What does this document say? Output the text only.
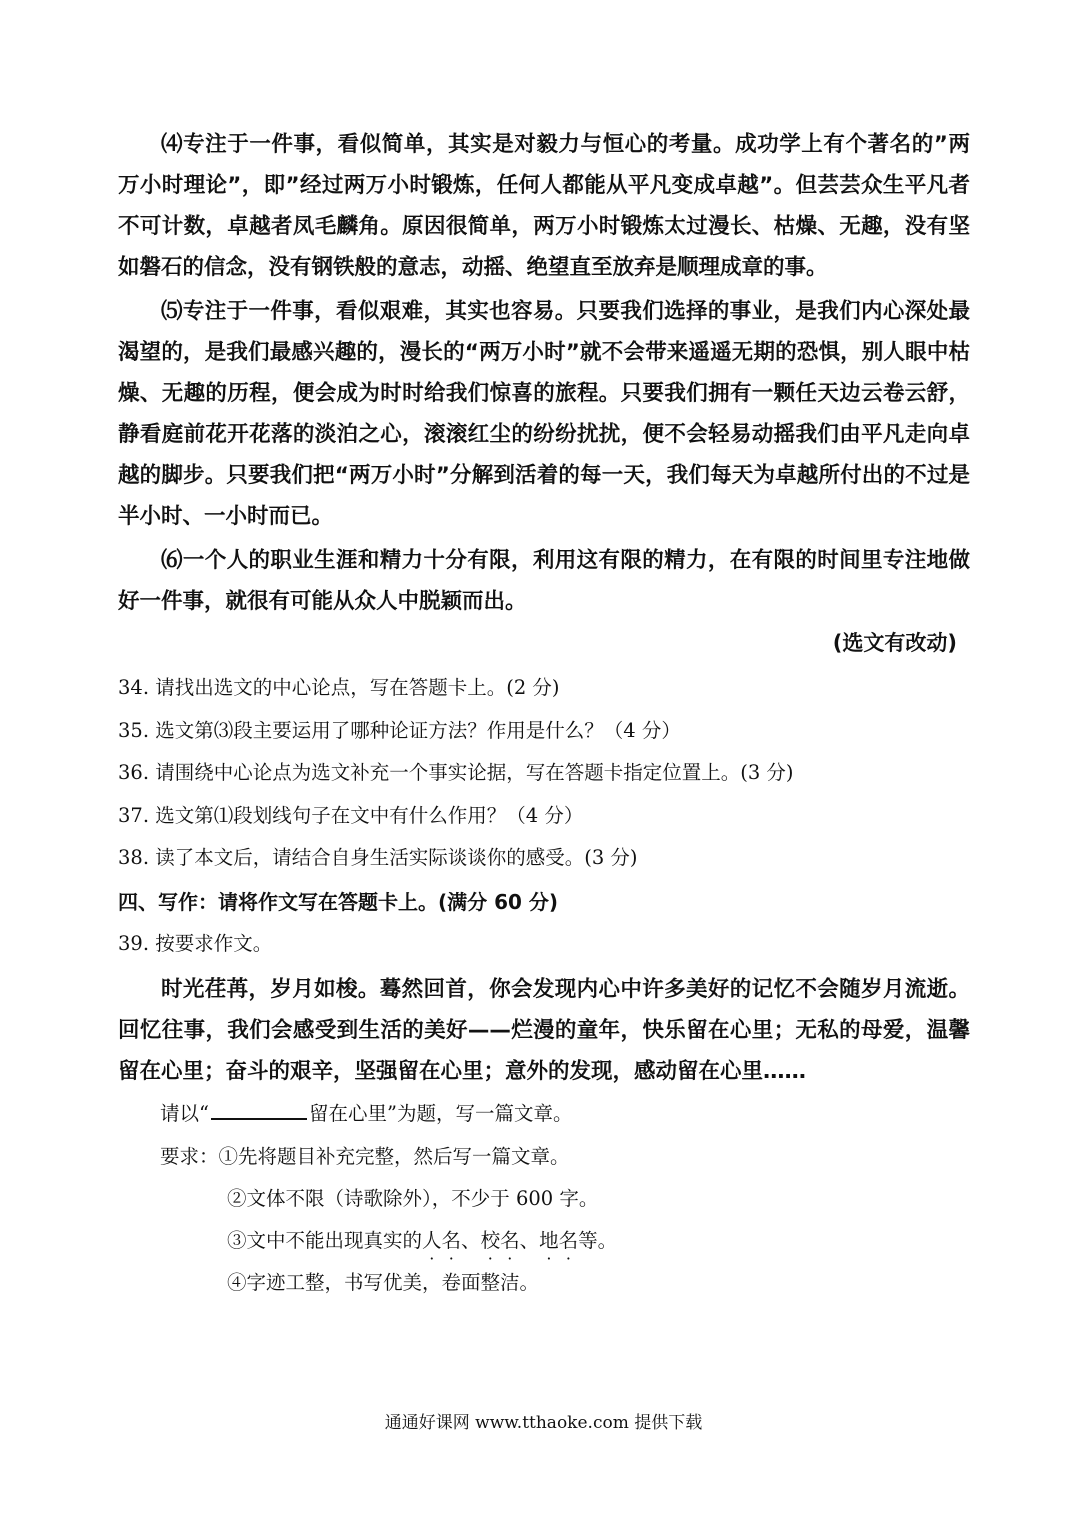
⑷专注于一件事，看似简单，其实是对毅力与恒心的考量。成功学上有个著名的”两万小时理论”，即”经过两万小时锻炼，任何人都能从平凡变成卓越”。但芸芸众生平凡者不可计数，卓越者凤毛麟角。原因很简单，两万小时锻炼太过漫长、枯燥、无趣，没有坚如磐石的信念，没有钢铁般的意志，动摇、绝望直至放弃是顺理成章的事。

⑸专注于一件事，看似艰难，其实也容易。只要我们选择的事业，是我们内心深处最渴望的，是我们最感兴趣的，漫长的“两万小时”就不会带来遥遥无期的恐惧，别人眼中枯燥、无趣的历程，便会成为时时给我们惊喜的旅程。只要我们拥有一颗任天边云卷云舒，静看庭前花开花落的淡泊之心，滚滚红尘的纷纷扰扰，便不会轻易动摇我们由平凡走向卓越的脚步。只要我们把“两万小时”分解到活着的每一天，我们每天为卓越所付出的不过是半小时、一小时而已。

⑹一个人的职业生涯和精力十分有限，利用这有限的精力，在有限的时间里专注地做好一件事，就很有可能从众人中脱颖而出。

(选文有改动)
34. 请找出选文的中心论点，写在答题卡上。(2 分)
35. 选文第⑶段主要运用了哪种论证方法？作用是什么？（4 分）
36. 请围绕中心论点为选文补充一个事实论据，写在答题卡指定位置上。(3 分)
37. 选文第⑴段划线句子在文中有什么作用？（4 分）
38. 读了本文后，请结合自身生活实际谈谈你的感受。(3 分)
四、写作：请将作文写在答题卡上。(满分 60 分)
39. 按要求作文。

时光荏苒，岁月如梭。蓦然回首，你会发现内心中许多美好的记忆不会随岁月流逝。回忆往事，我们会感受到生活的美好——烂漫的童年，快乐留在心里；无私的母爱，温馨留在心里；奋斗的艰辛，坚强留在心里；意外的发现，感动留在心里……

请以“	留在心里”为题，写一篇文章。
要求：①先将题目补充完整，然后写一篇文章。
②文体不限（诗歌除外），不少于 600 字。
③文中不能出现真实的人名、校名、地名等。
④字迹工整，书写优美，卷面整洁。
通通好课网 www.tthaoke.com 提供下载
